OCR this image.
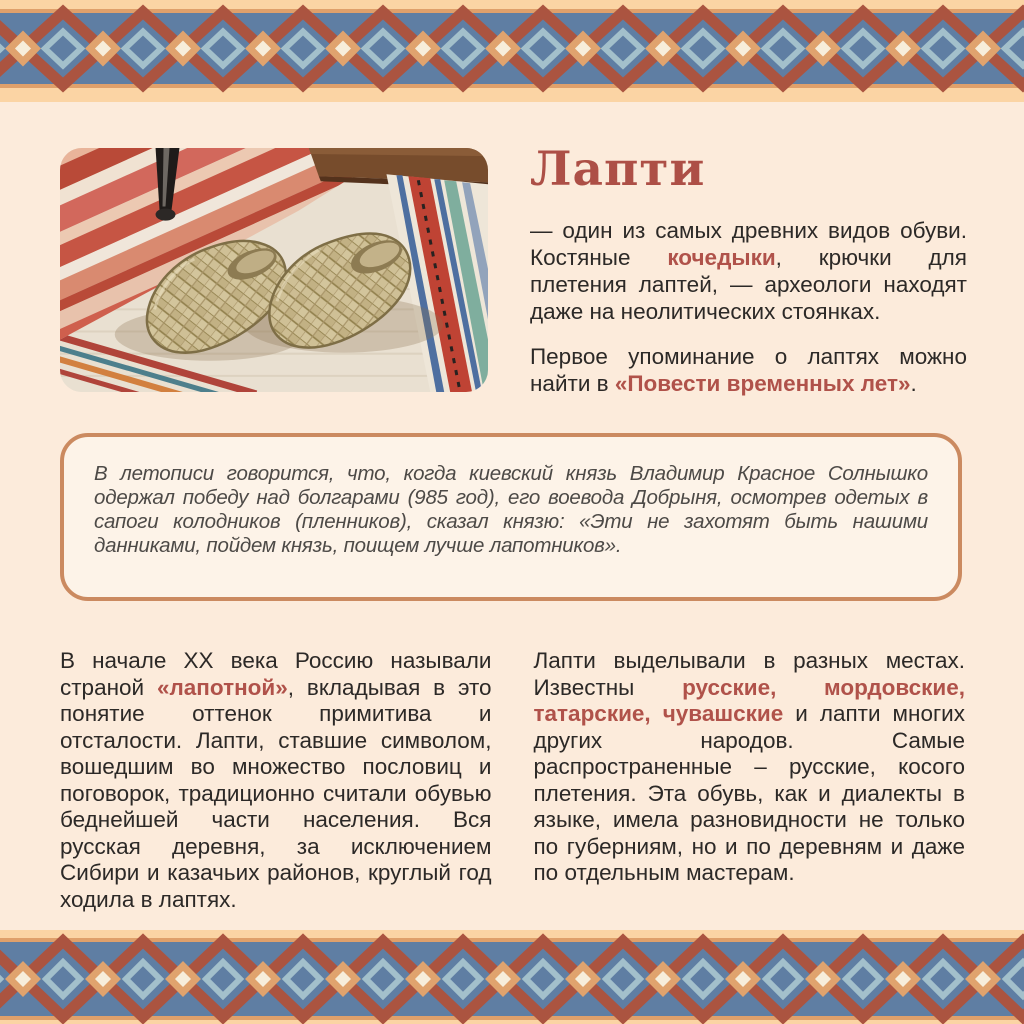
Лапти

— один из самых древних видов обуви. Костяные кочедыки, крючки для плетения лаптей, — археологи находят даже на неолитических стоянках.

Первое упоминание о лаптях можно найти в «Повести временных лет».

В летописи говорится, что, когда киевский князь Владимир Красное Солнышко одержал победу над болгарами (985 год), его воевода Добрыня, осмотрев одетых в сапоги колодников (пленников), сказал князю: «Эти не захотят быть нашими данниками, пойдем князь, поищем лучше лапотников».

В начале XX века Россию называли страной «лапотной», вкладывая в это понятие оттенок примитива и отсталости. Лапти, ставшие символом, вошедшим во множество пословиц и поговорок, традиционно считали обувью беднейшей части населения. Вся русская деревня, за исключением Сибири и казачьих районов, круглый год ходила в лаптях.

Лапти выделывали в разных местах. Известны русские, мордовские, татарские, чувашские и лапти многих других народов. Самые распространенные – русские, косого плетения. Эта обувь, как и диалекты в языке, имела разновидности не только по губерниям, но и по деревням и даже по отдельным мастерам.
